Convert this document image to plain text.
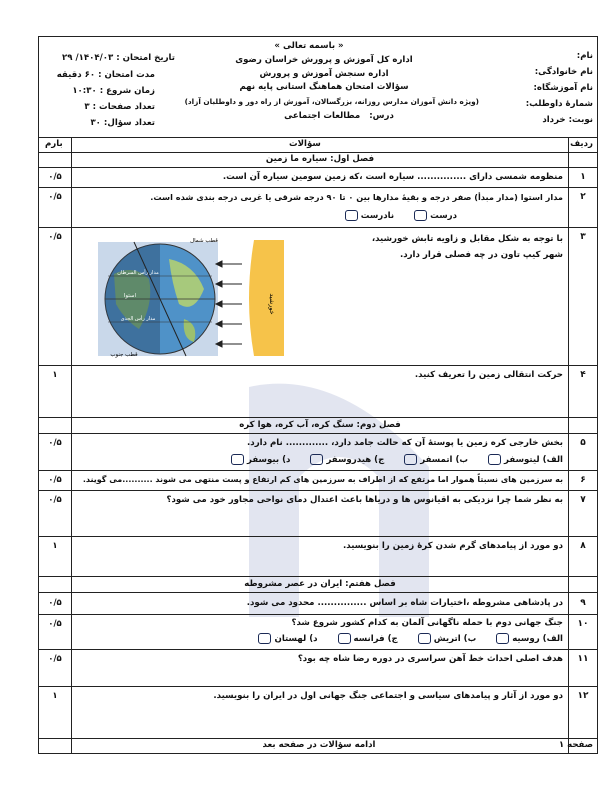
« باسمه تعالی »
اداره کل آموزش و پرورش خراسان رضوی
اداره سنجش آموزش و پرورش
سؤالات امتحان هماهنگ استانی پایه نهم
(ویژه دانش آموزان مدارس روزانه، بزرگسالان، آموزش از راه دور و داوطلبان آزاد)
درس: مطالعات اجتماعی
نام:
نام خانوادگی:
نام آموزشگاه:
شمارهٔ داوطلب:
نوبت: خرداد
تاریخ امتحان : ۱۴۰۴/۰۳/ ۲۹
مدت امتحان : ۶۰ دقیقه
زمان شروع : ۱۰:۳۰
تعداد صفحات : ۳
تعداد سؤال: ۳۰
ردیف
سؤالات
بارم
فصل اول: سیاره ما زمین
۱
منظومه شمسی دارای ............... سیاره است ،که زمین سومین سیاره آن است.
۰/۵
۲
مدار استوا (مدار مبدأ) صفر درجه و بقیهٔ مدارها بین ۰ تا ۹۰ درجه شرقی یا غربی درجه بندی شده است.
درست نادرست
۰/۵
۳
با توجه به شکل مقابل و زاویه تابش خورشید،
شهر کیپ تاون در چه فصلی قرار دارد.
۰/۵	قطب شمال
مدار رأس السرطان
استوا
مدار رأس الجدی
قطب جنوب
خورشید
۴
حرکت انتقالی زمین را تعریف کنید.
۱
فصل دوم: سنگ کره، آب کره، هوا کره
۵
بخش خارجی کره زمین یا پوستهٔ آن که حالت جامد دارد، ............. نام دارد.
الف) لیتوسفر ب) اتمسفر ج) هیدروسفر د) بیوسفر
۰/۵
۶
به سرزمین های نسبتاً هموار اما مرتفع که از اطراف به سرزمین های کم ارتفاع و پست منتهی می شوند ..........می گویند.
۰/۵
۷
به نظر شما چرا نزدیکی به اقیانوس ها و دریاها باعث اعتدال دمای نواحی مجاور خود می شود؟
۰/۵
۸
دو مورد از پیامدهای گرم شدن کرهٔ زمین را بنویسید.
۱
فصل هفتم: ایران در عصر مشروطه
۹
در پادشاهی مشروطه ،اختیارات شاه بر اساس ............... محدود می شود.
۰/۵
۱۰
جنگ جهانی دوم با حمله ناگهانی آلمان به کدام کشور شروع شد؟
الف) روسیه ب) اتریش ج) فرانسه د) لهستان
۰/۵
۱۱
هدف اصلی احداث خط آهن سراسری در دوره رضا شاه چه بود؟
۰/۵
۱۲
دو مورد از آثار و پیامدهای سیاسی و اجتماعی جنگ جهانی اول در ایران را بنویسید.
۱
صفحه ۱
ادامه سؤالات در صفحه بعد
